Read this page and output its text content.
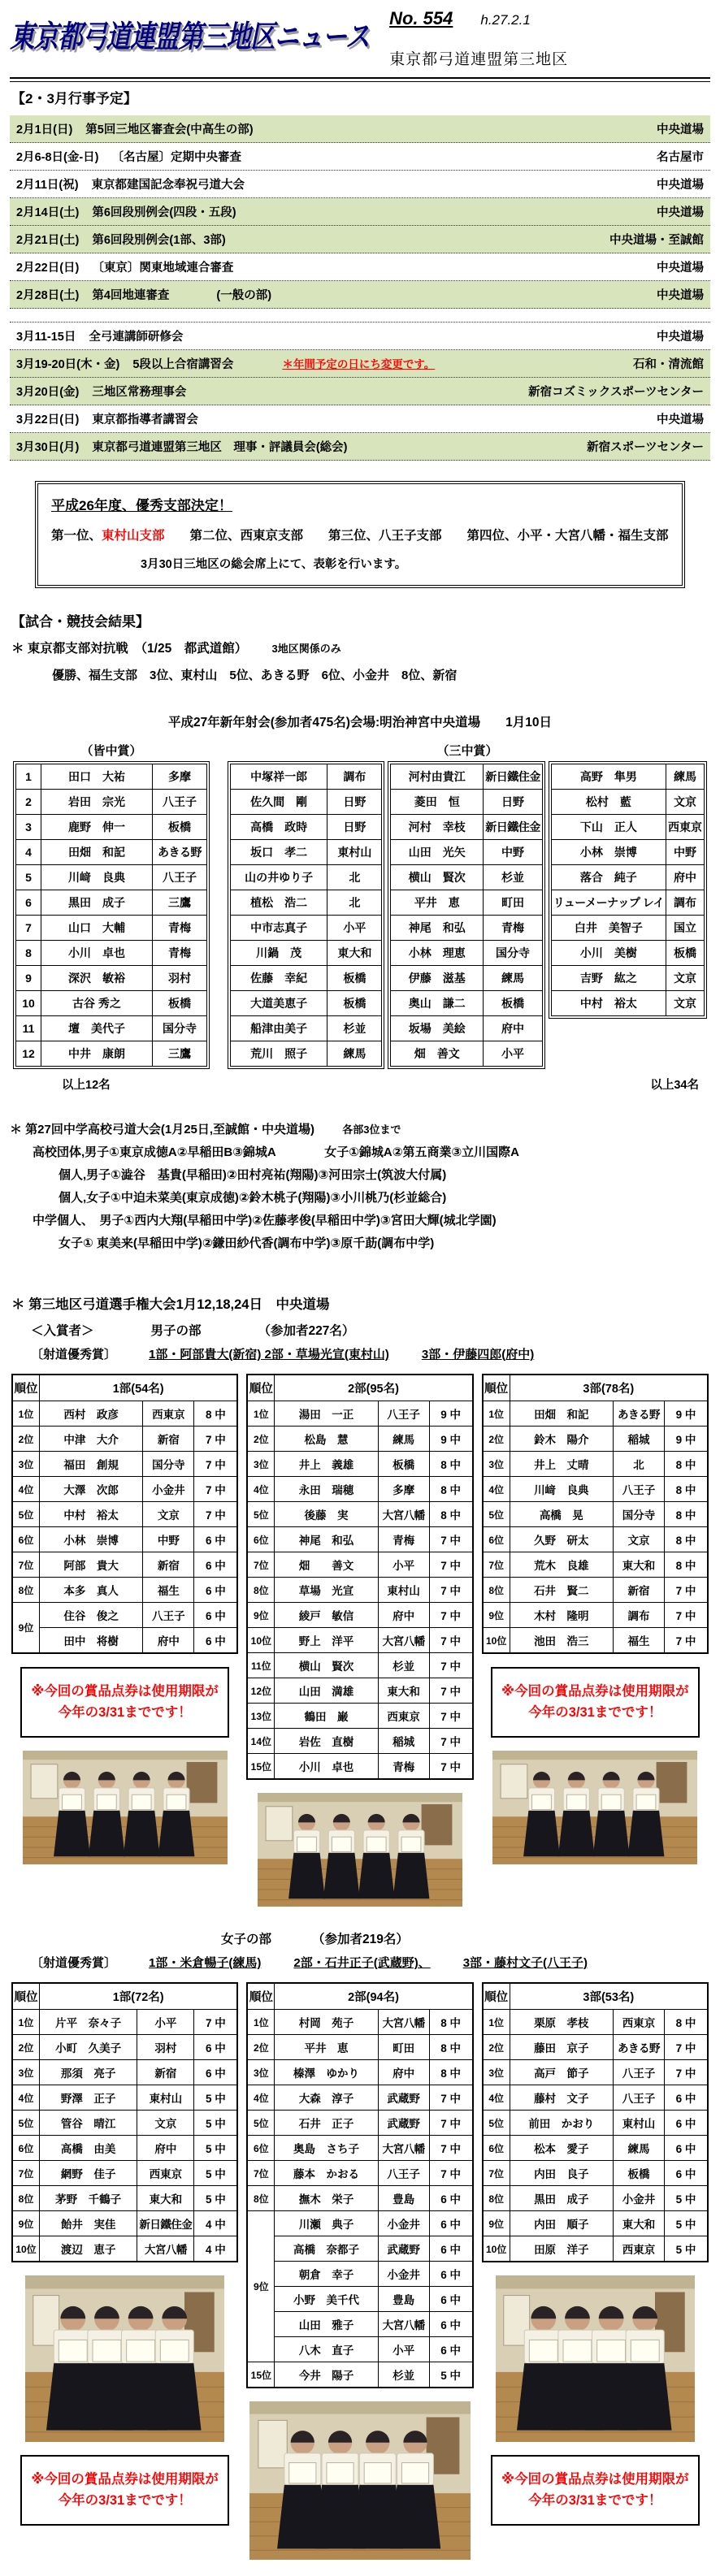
東京都弓道連盟第三地区ニュース
No. 554 h.27.2.1
東京都弓道連盟第三地区
【2・3月行事予定】
2月1日(日) 第5回三地区審査会(中高生の部)	中央道場
2月6-8日(金-日) 〔名古屋〕定期中央審査	名古屋市
2月11日(祝) 東京都建国記念奉祝弓道大会	中央道場
2月14日(土) 第6回段別例会(四段・五段)	中央道場
2月21日(土) 第6回段別例会(1部、3部)	中央道場・至誠館
2月22日(日) 〔東京〕関東地域連合審査	中央道場
2月28日(土) 第4回地連審査　　　　(一般の部)	中央道場
3月11-15日 全弓連講師研修会	中央道場
3月19-20日(木・金) 5段以上合宿講習会	＊年間予定の日にち変更です。	石和・清流館
3月20日(金) 三地区常務理事会	新宿コズミックスポーツセンター
3月22日(日) 東京都指導者講習会	中央道場
3月30日(月) 東京都弓道連盟第三地区　理事・評議員会(総会)	新宿スポーツセンター
平成26年度、優秀支部決定！
第一位、東村山支部　　第二位、西東京支部　　第三位、八王子支部　　第四位、小平・大宮八幡・福生支部
3月30日三地区の総会席上にて、表彰を行います。
【試合・競技会結果】
＊ 東京都支部対抗戦　（1/25　都武道館） 3地区関係のみ
優勝、福生支部　3位、東村山　5位、あきる野　6位、小金井　8位、新宿
平成27年新年射会(参加者475名)会場:明治神宮中央道場　　1月10日
（皆中賞）
1	田口　大祐	多摩
2	岩田　宗光	八王子
3	鹿野　伸一	板橋
4	田畑　和記	あきる野
5	川﨑　良典	八王子
6	黒田　成子	三鷹
7	山口　大輔	青梅
8	小川　卓也	青梅
9	深沢　敏裕	羽村
10	古谷 秀之	板橋
11	壇　美代子	国分寺
12	中井　康朗	三鷹
以上12名
（三中賞）
中塚祥一郎	調布
佐久間　剛	日野
高橋　政時	日野
坂口　孝二	東村山
山の井ゆり子	北
植松　浩二	北
中市志真子	小平
川鍋　茂	東大和
佐藤　幸紀	板橋
大道美恵子	板橋
船津由美子	杉並
荒川　照子	練馬
河村由貴江	新日鐵住金
菱田　恒	日野
河村　幸枝	新日鐵住金
山田　光矢	中野
横山　賢次	杉並
平井　恵	町田
神尾　和弘	青梅
小林　理恵	国分寺
伊藤　滋基	練馬
奥山　謙二	板橋
坂場　美絵	府中
畑　善文	小平
高野　隼男	練馬
松村　藍	文京
下山　正人	西東京
小林　崇博	中野
落合　純子	府中
リューメーナップ レイ	調布
白井　美智子	国立
小川　美樹	板橋
吉野　紘之	文京
中村　裕太	文京
以上34名
＊ 第27回中学高校弓道大会(1月25日,至誠館・中央道場)	各部3位まで
高校団体,男子①東京成徳A②早稲田B③錦城A　　　　女子①錦城A②第五商業③立川国際A
個人,男子①澁谷　基貴(早稲田)②田村亮祐(翔陽)③河田宗士(筑波大付属)
個人,女子①中迫未菜美(東京成徳)②鈴木桃子(翔陽)③小川桃乃(杉並総合)
中学個人、　男子①西内大翔(早稲田中学)②佐藤孝俊(早稲田中学)③宮田大輝(城北学園)
女子① 東美来(早稲田中学)②鎌田紗代香(調布中学)③原千莇(調布中学)
＊ 第三地区弓道選手権大会1月12,18,24日　中央道場
＜入賞者＞	男子の部	（参加者227名）
〔射道優秀賞〕	1部・阿部貴大(新宿) 2部・草場光宣(東村山)	3部・伊藤四郎(府中)
順位	1部(54名)		
1位	西村　政彦	西東京	8 中
2位	中津　大介	新宿	7 中
3位	福田　創規	国分寺	7 中
4位	大澤　次郎	小金井	7 中
5位	中村　裕太	文京	7 中
6位	小林　崇博	中野	6 中
7位	阿部　貴大	新宿	6 中
8位	本多　真人	福生	6 中
9位	住谷　俊之	八王子	6 中
	田中　将樹	府中	6 中
※今回の賞品点券は使用期限が今年の3/31までです！
順位	2部(95名)		
1位	湯田　一正	八王子	9 中
2位	松島　慧	練馬	9 中
3位	井上　義雄	板橋	8 中
4位	永田　瑞穂	多摩	8 中
5位	後藤　実	大宮八幡	8 中
6位	神尾　和弘	青梅	7 中
7位	畑　　善文	小平	7 中
8位	草場　光宣	東村山	7 中
9位	綾戸　敏信	府中	7 中
10位	野上　洋平	大宮八幡	7 中
11位	横山　賢次	杉並	7 中
12位	山田　満雄	東大和	7 中
13位	鶴田　巌	西東京	7 中
14位	岩佐　直樹	稲城	7 中
15位	小川　卓也	青梅	7 中
順位	3部(78名)		
1位	田畑　和記	あきる野	9 中
2位	鈴木　陽介	稲城	9 中
3位	井上　丈晴	北	8 中
4位	川﨑　良典	八王子	8 中
5位	高橋　晃	国分寺	8 中
6位	久野　研太	文京	8 中
7位	荒木　良雄	東大和	8 中
8位	石井　賢二	新宿	7 中
9位	木村　隆明	調布	7 中
10位	池田　浩三	福生	7 中
※今回の賞品点券は使用期限が今年の3/31までです！
女子の部	（参加者219名）
〔射道優秀賞〕	1部・米倉暢子(練馬)	2部・石井正子(武蔵野)、	3部・藤村文子(八王子)
順位	1部(72名)		
1位	片平　奈々子	小平	7 中
2位	小町　久美子	羽村	6 中
3位	那須　亮子	新宿	6 中
4位	野澤　正子	東村山	5 中
5位	管谷　晴江	文京	5 中
6位	高橋　由美	府中	5 中
7位	網野　佳子	西東京	5 中
8位	茅野　千鶴子	東大和	5 中
9位	飴井　実佳	新日鐵住金	4 中
10位	渡辺　恵子	大宮八幡	4 中
※今回の賞品点券は使用期限が今年の3/31までです！
順位	2部(94名)		
1位	村岡　苑子	大宮八幡	8 中
2位	平井　恵	町田	8 中
3位	榛澤　ゆかり	府中	8 中
4位	大森　淳子	武蔵野	7 中
5位	石井　正子	武蔵野	7 中
6位	奥島　さち子	大宮八幡	7 中
7位	藤本　かおる	八王子	7 中
8位	撫木　栄子	豊島	6 中
9位	川瀬　典子	小金井	6 中
	高橋　奈都子	武蔵野	6 中
	朝倉　幸子	小金井	6 中
	小野　美千代	豊島	6 中
	山田　雅子	大宮八幡	6 中
	八木　直子	小平	6 中
15位	今井　陽子	杉並	5 中
順位	3部(53名)		
1位	栗原　孝枝	西東京	8 中
2位	藤田　京子	あきる野	7 中
3位	高戸　節子	八王子	7 中
4位	藤村　文子	八王子	6 中
5位	前田　かおり	東村山	6 中
6位	松本　愛子	練馬	6 中
7位	内田　良子	板橋	6 中
8位	黒田　成子	小金井	5 中
9位	内田　順子	東大和	5 中
10位	田原　洋子	西東京	5 中
※今回の賞品点券は使用期限が今年の3/31までです！
